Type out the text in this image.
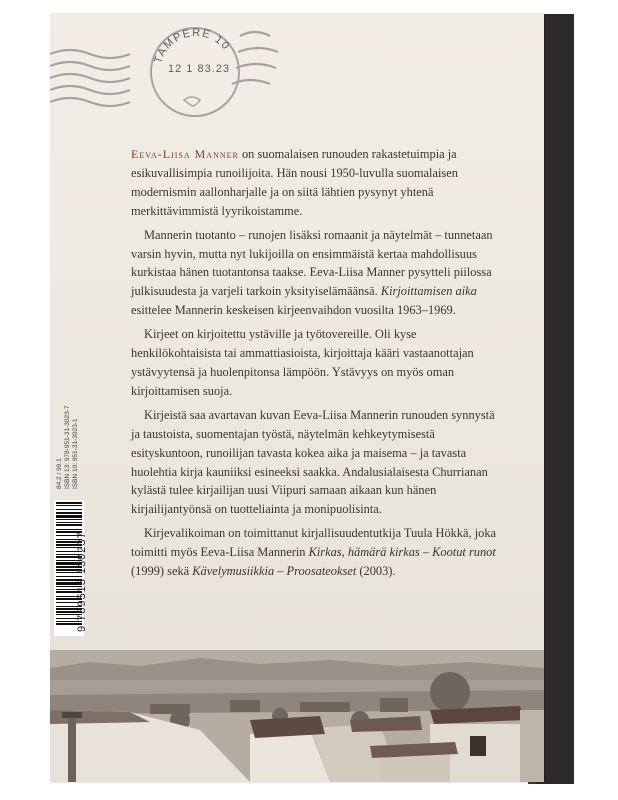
12 1 83.23
TAMPERE 10

Eeva-Liisa Manner on suomalaisen runouden rakastetuimpia ja esikuvallisimpia runoilijoita. Hän nousi 1950-luvulla suomalaisen modernismin aallonharjalle ja on siitä lähtien pysynyt yhtenä merkittävimmistä lyyrikoistamme.

Mannerin tuotanto – runojen lisäksi romaanit ja näytelmät – tunnetaan varsin hyvin, mutta nyt lukijoilla on ensimmäistä kertaa mahdollisuus kurkistaa hänen tuotantonsa taakse. Eeva-Liisa Manner pysytteli piilossa julkisuudesta ja varjeli tarkoin yksityiselämäänsä. Kirjoittamisen aika esittelee Mannerin keskeisen kirjeenvaihdon vuosilta 1963–1969.

Kirjeet on kirjoitettu ystäville ja työtovereille. Oli kyse henkilökohtaisista tai ammattiasioista, kirjoittaja kääri vastaanottajan ystävyytensä ja huolenpitonsa lämpöön. Ystävyys on myös oman kirjoittamisen suoja.

Kirjeistä saa avartavan kuvan Eeva-Liisa Mannerin runouden synnystä ja taustoista, suomentajan työstä, näytelmän kehkeytymisestä esityskuntoon, runoilijan tavasta kokea aika ja maisema – ja tavasta huolehtia kirja kauniiksi esineeksi saakka. Andalusialaisesta Churrianan kylästä tulee kirjailijan uusi Viipuri samaan aikaan kun hänen kirjailijantyönsä on tuotteliainta ja monipuolisinta.

Kirjevalikoiman on toimittanut kirjallisuudentutkija Tuula Hökkä, joka toimitti myös Eeva-Liisa Mannerin Kirkas, hämärä kirkas – Kootut runot (1999) sekä Kävelymusiikkia – Proosateokset (2003).

9 789513 130237
84.2 / 99.1 ISBN 13: 978-951-31-3023-7 ISBN 10: 951-31-3023-1
